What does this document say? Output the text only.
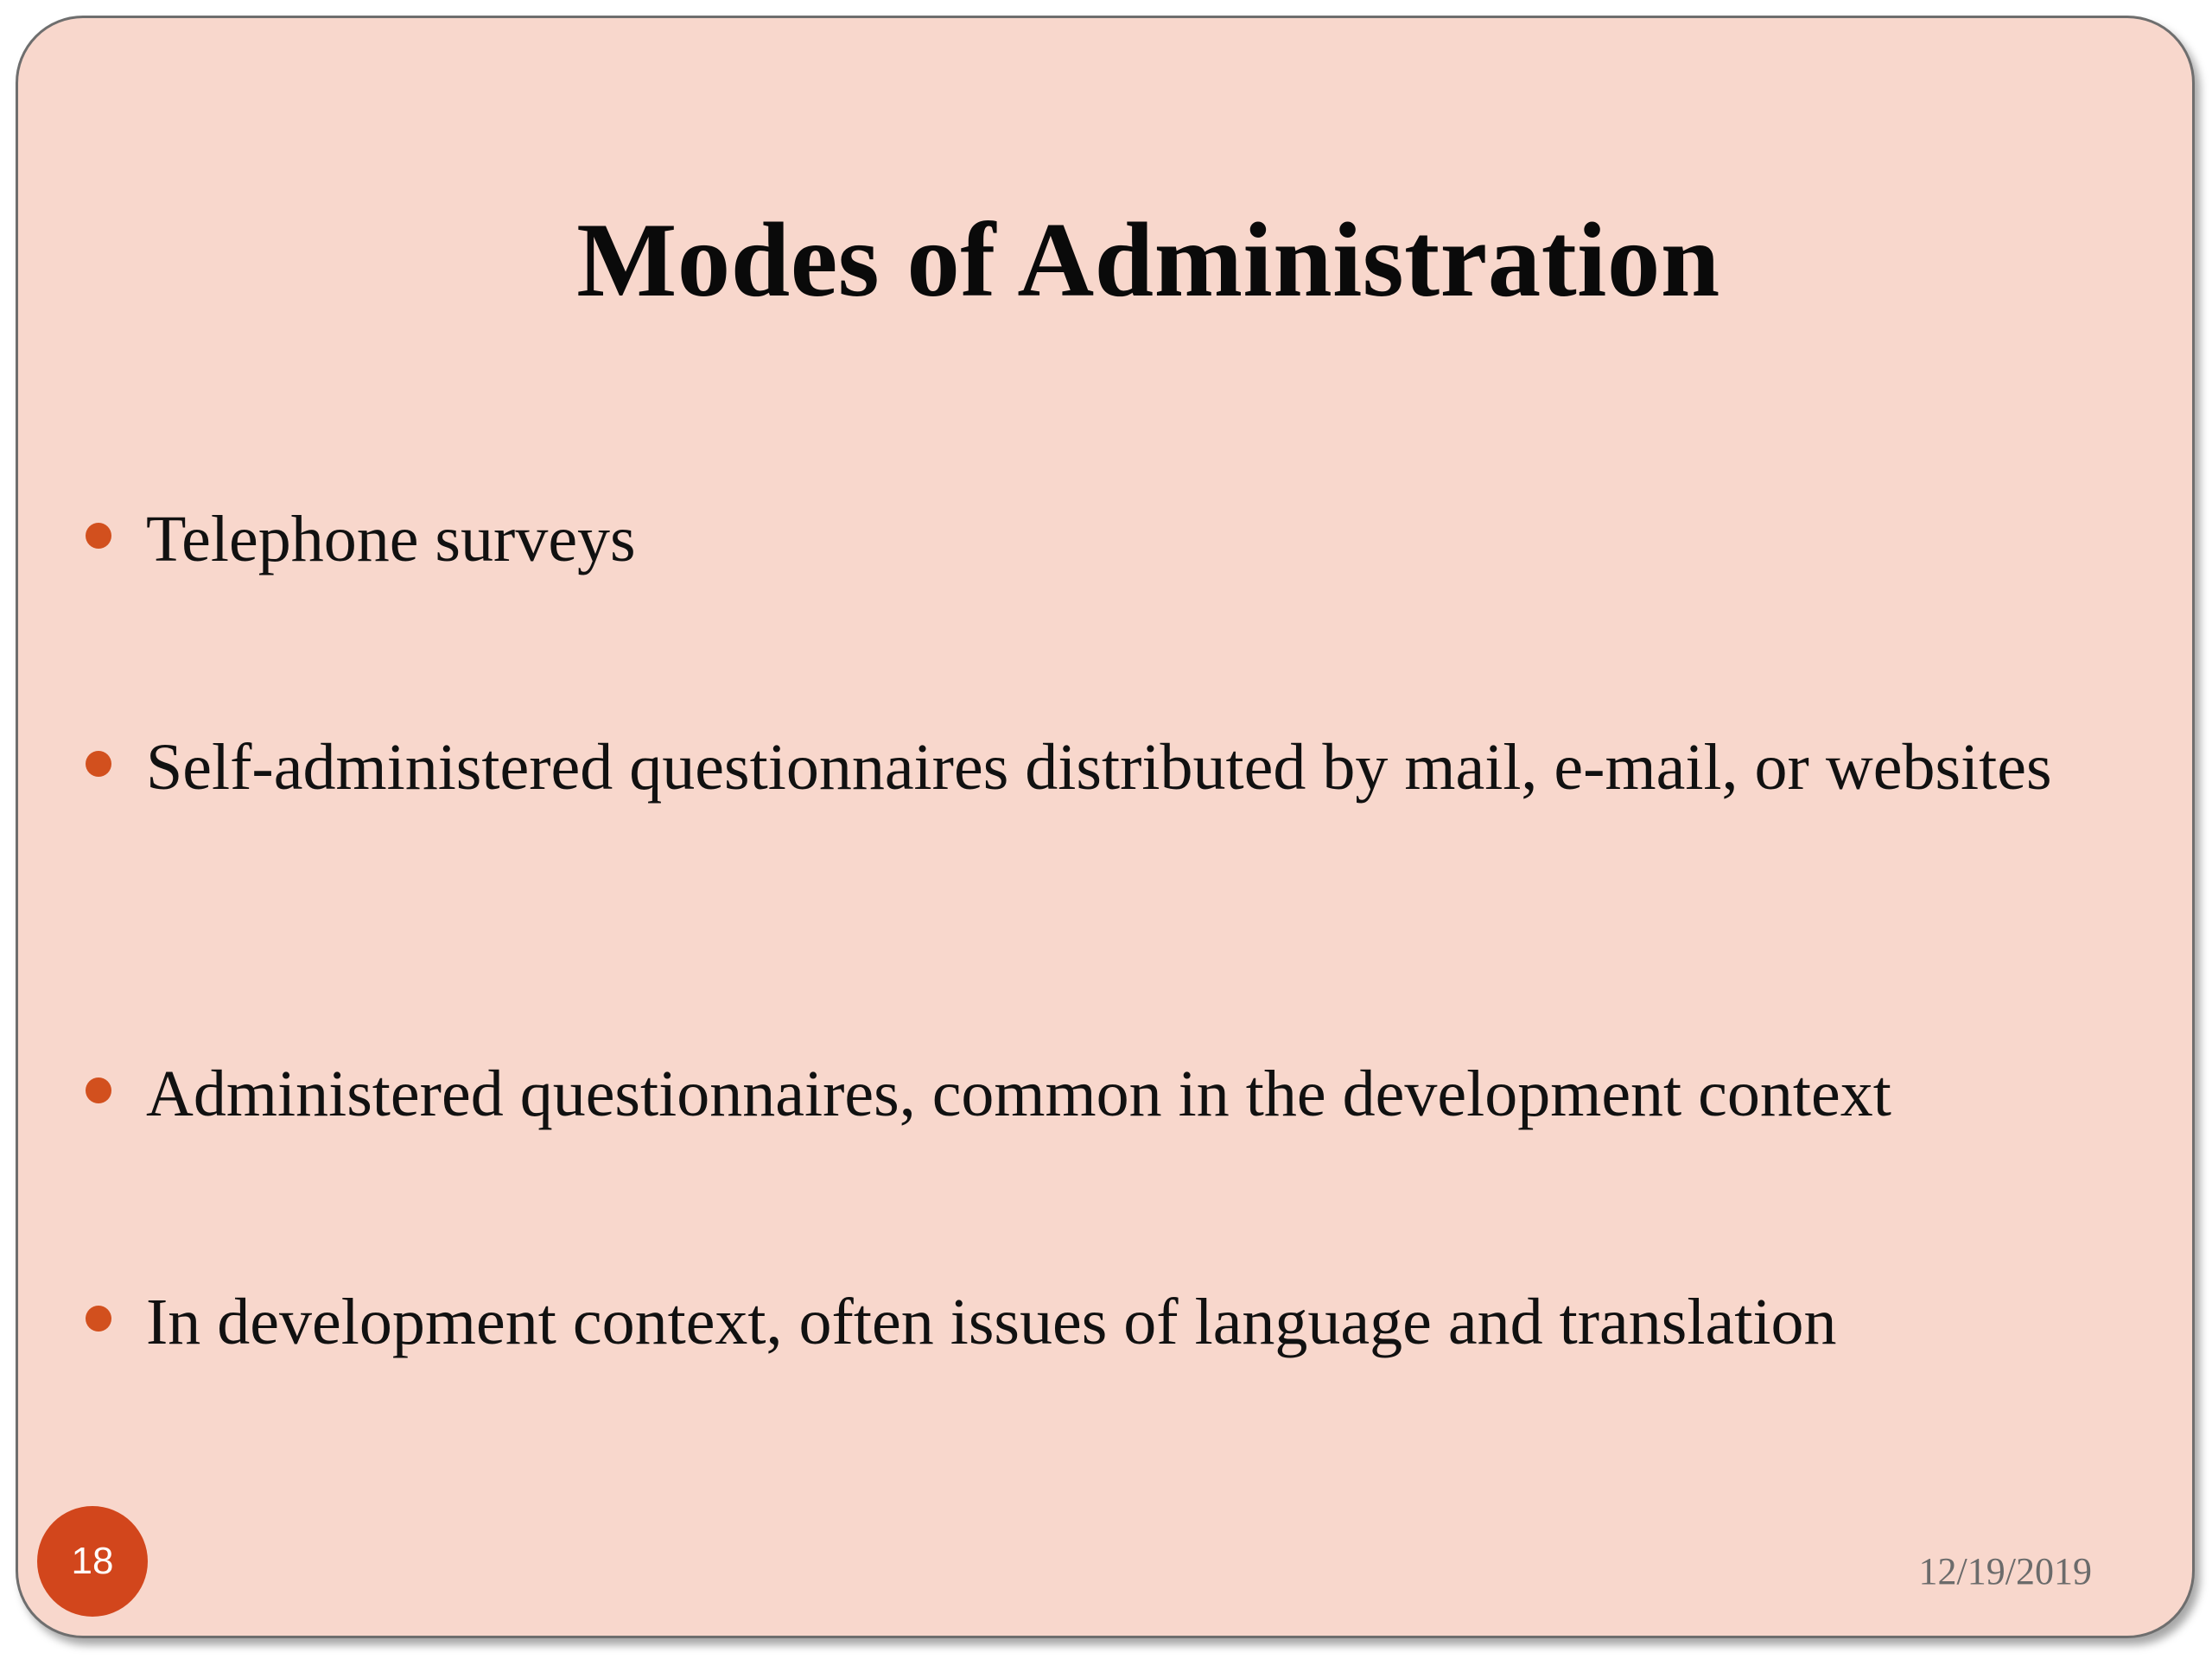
Modes of Administration
Telephone surveys
Self-administered questionnaires distributed by mail, e-mail, or websites
Administered questionnaires, common in the development context
In development context, often issues of language and translation
18	12/19/2019
